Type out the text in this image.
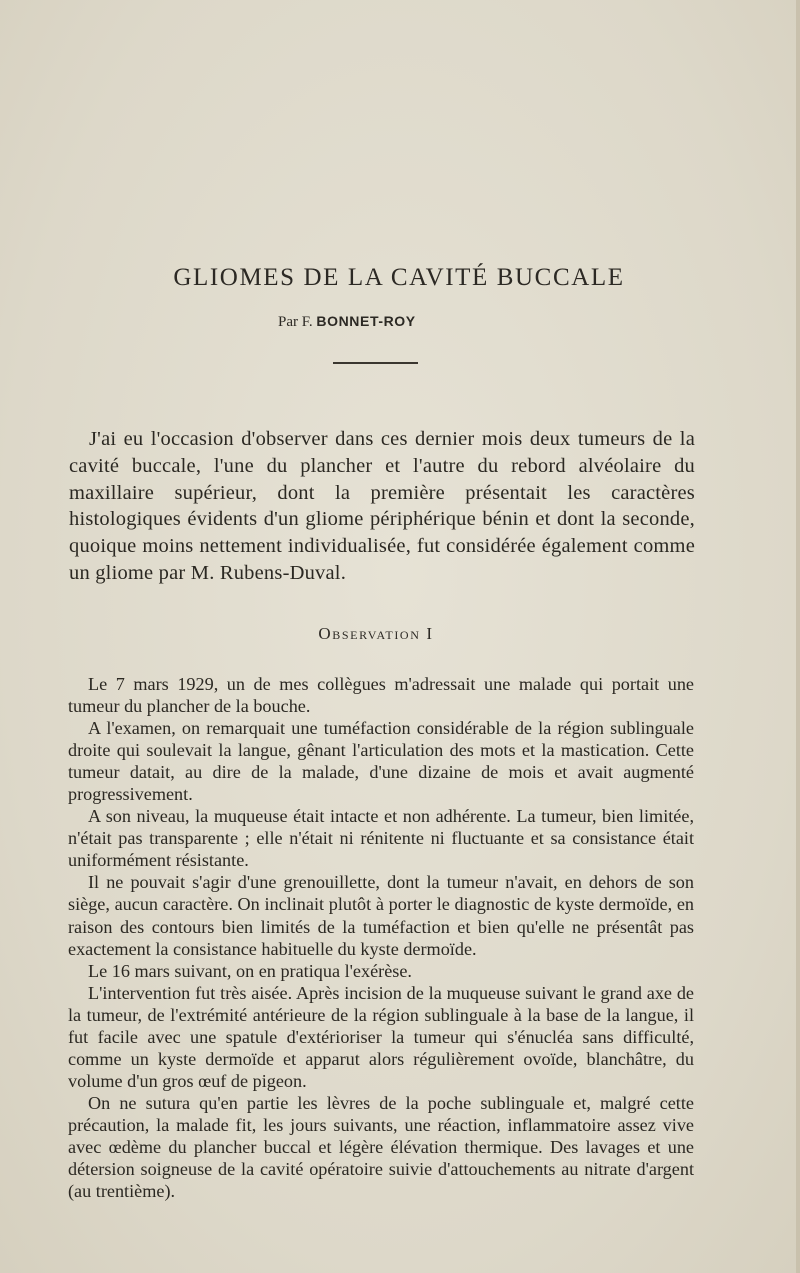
GLIOMES DE LA CAVITÉ BUCCALE
Par F. BONNET-ROY

J'ai eu l'occasion d'observer dans ces dernier mois deux tumeurs de la cavité buccale, l'une du plancher et l'autre du rebord alvéolaire du maxillaire supérieur, dont la première présentait les caractères histologiques évidents d'un gliome périphérique bénin et dont la seconde, quoique moins nettement individualisée, fut considérée également comme un gliome par M. Rubens-Duval.

Observation I

Le 7 mars 1929, un de mes collègues m'adressait une malade qui portait une tumeur du plancher de la bouche.

A l'examen, on remarquait une tuméfaction considérable de la région sublinguale droite qui soulevait la langue, gênant l'articulation des mots et la mastication. Cette tumeur datait, au dire de la malade, d'une dizaine de mois et avait augmenté progressivement.

A son niveau, la muqueuse était intacte et non adhérente. La tumeur, bien limitée, n'était pas transparente ; elle n'était ni rénitente ni fluctuante et sa consistance était uniformément résistante.

Il ne pouvait s'agir d'une grenouillette, dont la tumeur n'avait, en dehors de son siège, aucun caractère. On inclinait plutôt à porter le diagnostic de kyste dermoïde, en raison des contours bien limités de la tuméfaction et bien qu'elle ne présentât pas exactement la consistance habituelle du kyste dermoïde.

Le 16 mars suivant, on en pratiqua l'exérèse.

L'intervention fut très aisée. Après incision de la muqueuse suivant le grand axe de la tumeur, de l'extrémité antérieure de la région sublinguale à la base de la langue, il fut facile avec une spatule d'extérioriser la tumeur qui s'énucléa sans difficulté, comme un kyste dermoïde et apparut alors régulièrement ovoïde, blanchâtre, du volume d'un gros œuf de pigeon.

On ne sutura qu'en partie les lèvres de la poche sublinguale et, malgré cette précaution, la malade fit, les jours suivants, une réaction, inflammatoire assez vive avec œdème du plancher buccal et légère élévation thermique. Des lavages et une détersion soigneuse de la cavité opératoire suivie d'attouchements au nitrate d'argent (au trentième).
